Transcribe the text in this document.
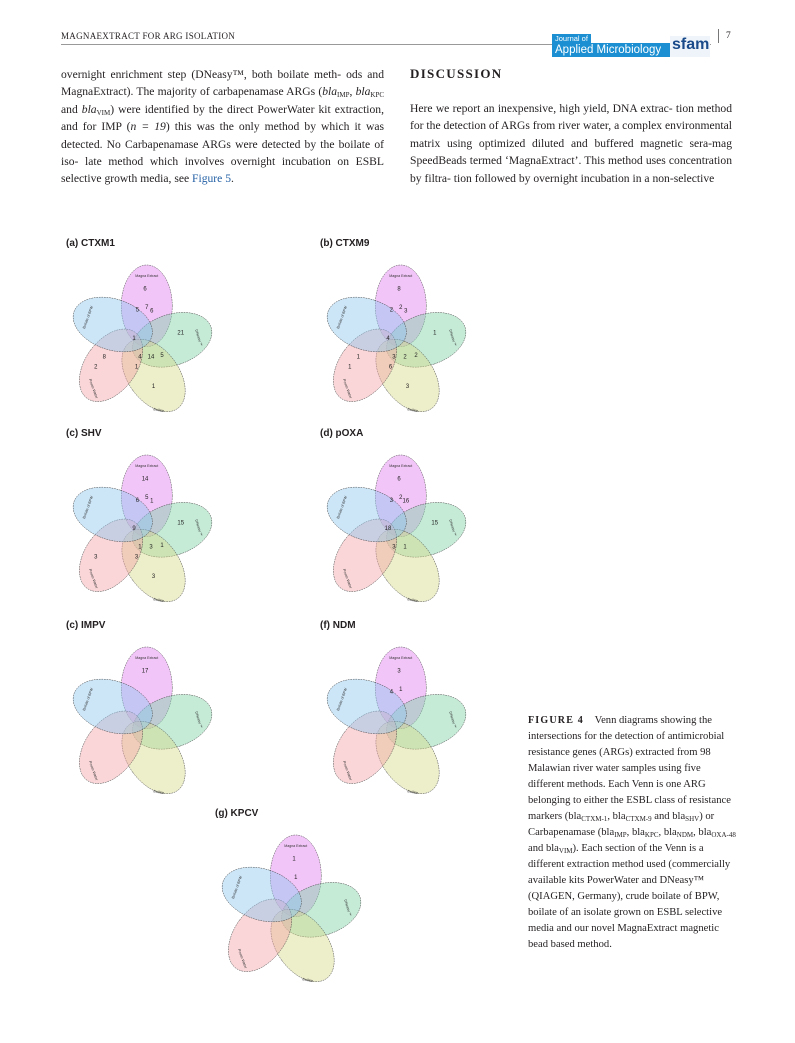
MAGNAEXTRACT FOR ARG ISOLATION	7
Journal of
Applied Microbiology sfam

overnight enrichment step (DNeasy™, both boilate meth- ods and MagnaExtract). The majority of carbapenamase ARGs (bla$_{IMP}$, bla$_{KPC}$ and bla$_{VIM}$) were identified by the direct PowerWater kit extraction, and for IMP (n = 19) this was the only method by which it was detected. No Carbapenamase ARGs were detected by the boilate of iso- late method which involves overnight incubation on ESBL selective growth media, see Figure 5.

DISCUSSION

Here we report an inexpensive, high yield, DNA extrac- tion method for the detection of ARGs from river water, a complex environmental matrix using optimized diluted and buffered magnetic sera-mag SpeedBeads termed ‘MagnaExtract’. This method uses concentration by filtra- tion followed by overnight incubation in a non-selective

(a) CTXM1
Magna Extract
DNeasy ™
Boilate
Power Water
Boilate of BPW
6
7
5 6
21
1
4 14 5
1
1
2
8
(b) CTXM9
Magna Extract
DNeasy ™
Boilate
Power Water
Boilate of BPW
8
2
2 3
1
4
3 2 2
6
3
1
1
(c) SHV
Magna Extract
DNeasy ™
Boilate
Power Water
Boilate of BPW
14
5
6 1
15
9
1 3 1
3
3
3
(d) pOXA
Magna Extract
DNeasy ™
Boilate
Power Water
Boilate of BPW
6
2
3 16
15
18
3 1
(c) IMPV
Magna Extract
DNeasy ™
Boilate
Power Water
Boilate of BPW
17
(f) NDM
Magna Extract
DNeasy ™
Boilate
Power Water
Boilate of BPW
3
1
4
(g) KPCV
Magna Extract
DNeasy ™
Boilate
Power Water
Boilate of BPW
1
1
FIGURE 4 Venn diagrams showing the intersections for the detection of antimicrobial resistance genes (ARGs) extracted from 98 Malawian river water samples using five different methods. Each Venn is one ARG belonging to either the ESBL class of resistance markers (bla$_{CTXM-1}$, bla$_{CTXM-9}$ and bla$_{SHV}$) or Carbapenamase (bla$_{IMP}$, bla$_{KPC}$, bla$_{NDM}$, bla$_{OXA-48}$ and bla$_{VIM}$). Each section of the Venn is a different extraction method used (commercially available kits PowerWater and DNeasy™ (QIAGEN, Germany), crude boilate of BPW, boilate of an isolate grown on ESBL selective media and our novel MagnaExtract magnetic bead based method.
